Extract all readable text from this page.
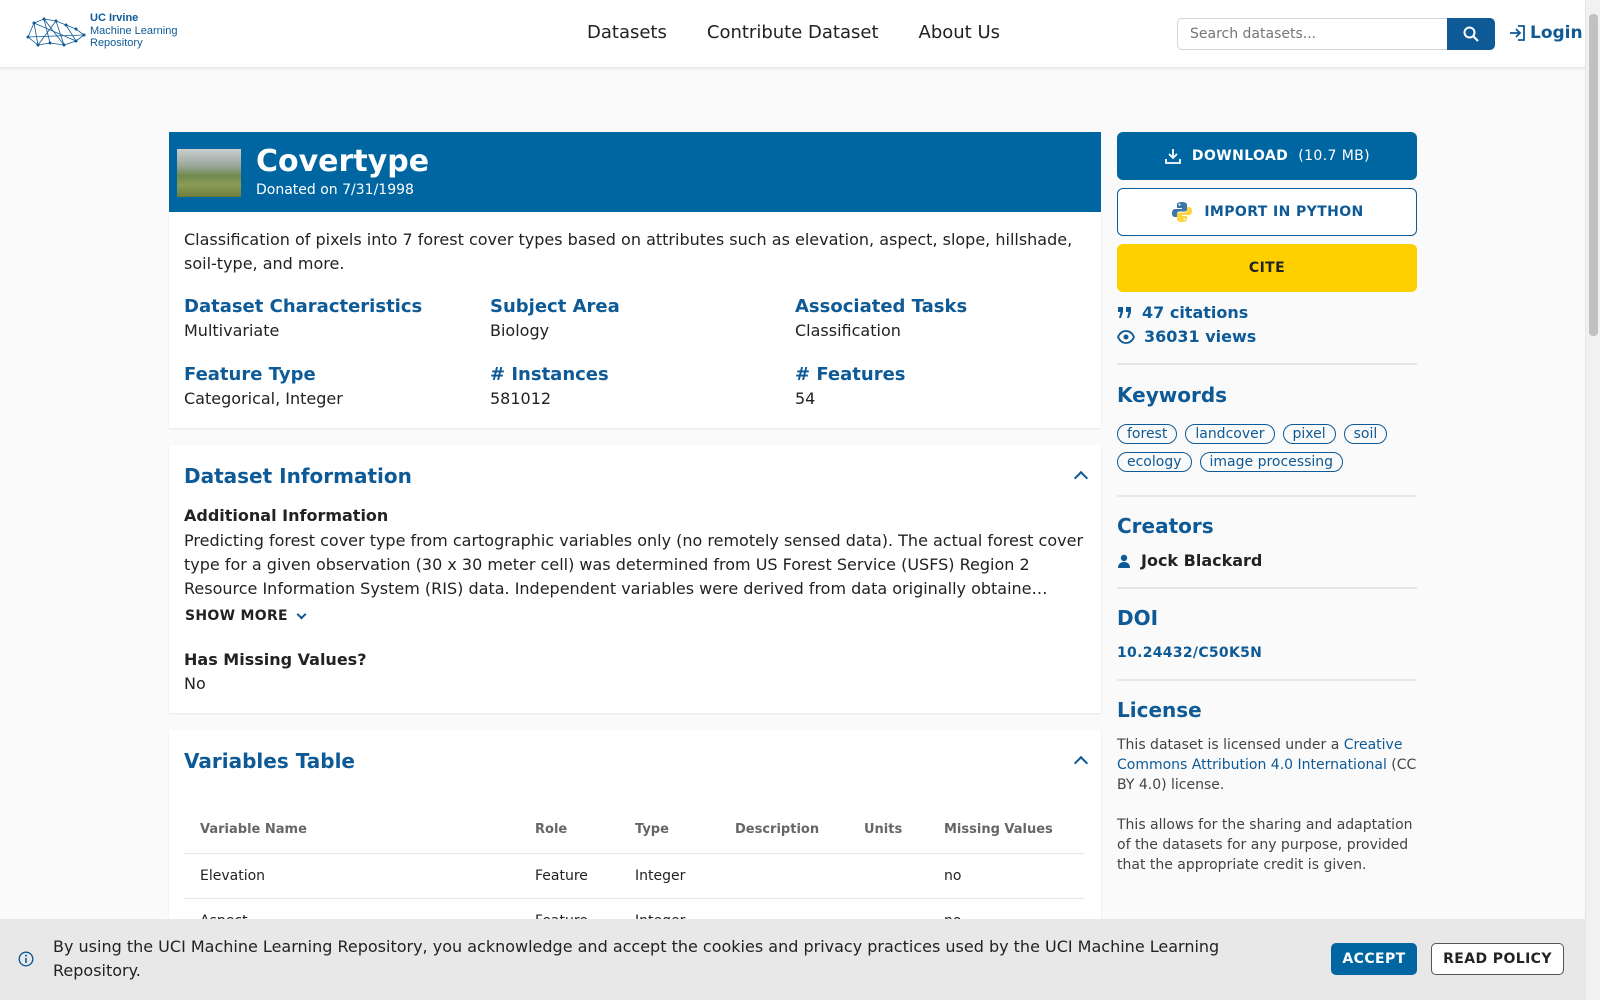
UC Irvine
Machine Learning
Repository	Datasets Contribute Dataset About Us
Search datasets...	Login
Covertype
Donated on 7/31/1998
Classification of pixels into 7 forest cover types based on attributes such as elevation, aspect, slope, hillshade, soil-type, and more.
Dataset Characteristics
Multivariate
Subject Area
Biology
Associated Tasks
Classification
Feature Type
Categorical, Integer
# Instances
581012
# Features
54
Dataset Information
Additional Information
Predicting forest cover type from cartographic variables only (no remotely sensed data). The actual forest cover type for a given observation (30 x 30 meter cell) was determined from US Forest Service (USFS) Region 2 Resource Information System (RIS) data. Independent variables were derived from data originally obtaine…
SHOW MORE
Has Missing Values?
No
Variables Table
Variable Name	Role	Type	Description	Units	Missing Values
Elevation	Feature	Integer			no

DOWNLOAD (10.7 MB)
IMPORT IN PYTHON
CITE
47 citations
36031 views
Keywords
forest	landcover	pixel	soil
ecology	image processing
Creators
Jock Blackard
DOI
10.24432/C50K5N
License
This dataset is licensed under a Creative Commons Attribution 4.0 International (CC BY 4.0) license.
This allows for the sharing and adaptation of the datasets for any purpose, provided that the appropriate credit is given.
By using the UCI Machine Learning Repository, you acknowledge and accept the cookies and privacy practices used by the UCI Machine Learning Repository.
ACCEPT	READ POLICY
